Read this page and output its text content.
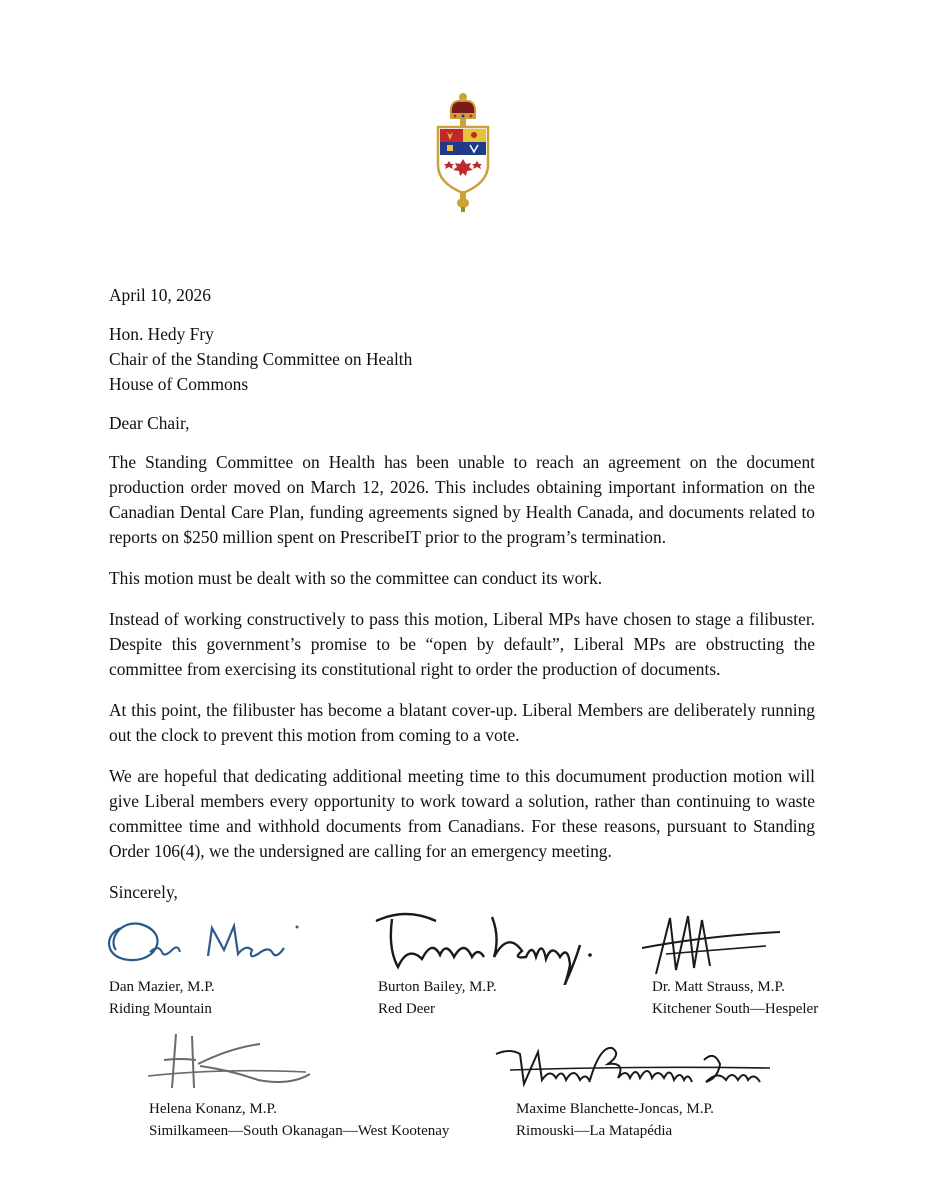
April 10, 2026
Hon. Hedy Fry
Chair of the Standing Committee on Health
House of Commons

Dear Chair,

The Standing Committee on Health has been unable to reach an agreement on the document production order moved on March 12, 2026. This includes obtaining important information on the Canadian Dental Care Plan, funding agreements signed by Health Canada, and documents related to reports on $250 million spent on PrescribeIT prior to the program’s termination.

This motion must be dealt with so the committee can conduct its work.

Instead of working constructively to pass this motion, Liberal MPs have chosen to stage a filibuster. Despite this government’s promise to be “open by default”, Liberal MPs are obstructing the committee from exercising its constitutional right to order the production of documents.

At this point, the filibuster has become a blatant cover-up. Liberal Members are deliberately running out the clock to prevent this motion from coming to a vote.

We are hopeful that dedicating additional meeting time to this documument production motion will give Liberal members every opportunity to work toward a solution, rather than continuing to waste committee time and withhold documents from Canadians. For these reasons, pursuant to Standing Order 106(4), we the undersigned are calling for an emergency meeting.

Sincerely,

Dan Mazier, M.P.
Riding Mountain
Burton Bailey, M.P.
Red Deer
Dr. Matt Strauss, M.P.
Kitchener South—Hespeler
Helena Konanz, M.P.
Similkameen—South Okanagan—West Kootenay
Maxime Blanchette-Joncas, M.P.
Rimouski—La Matapédia
